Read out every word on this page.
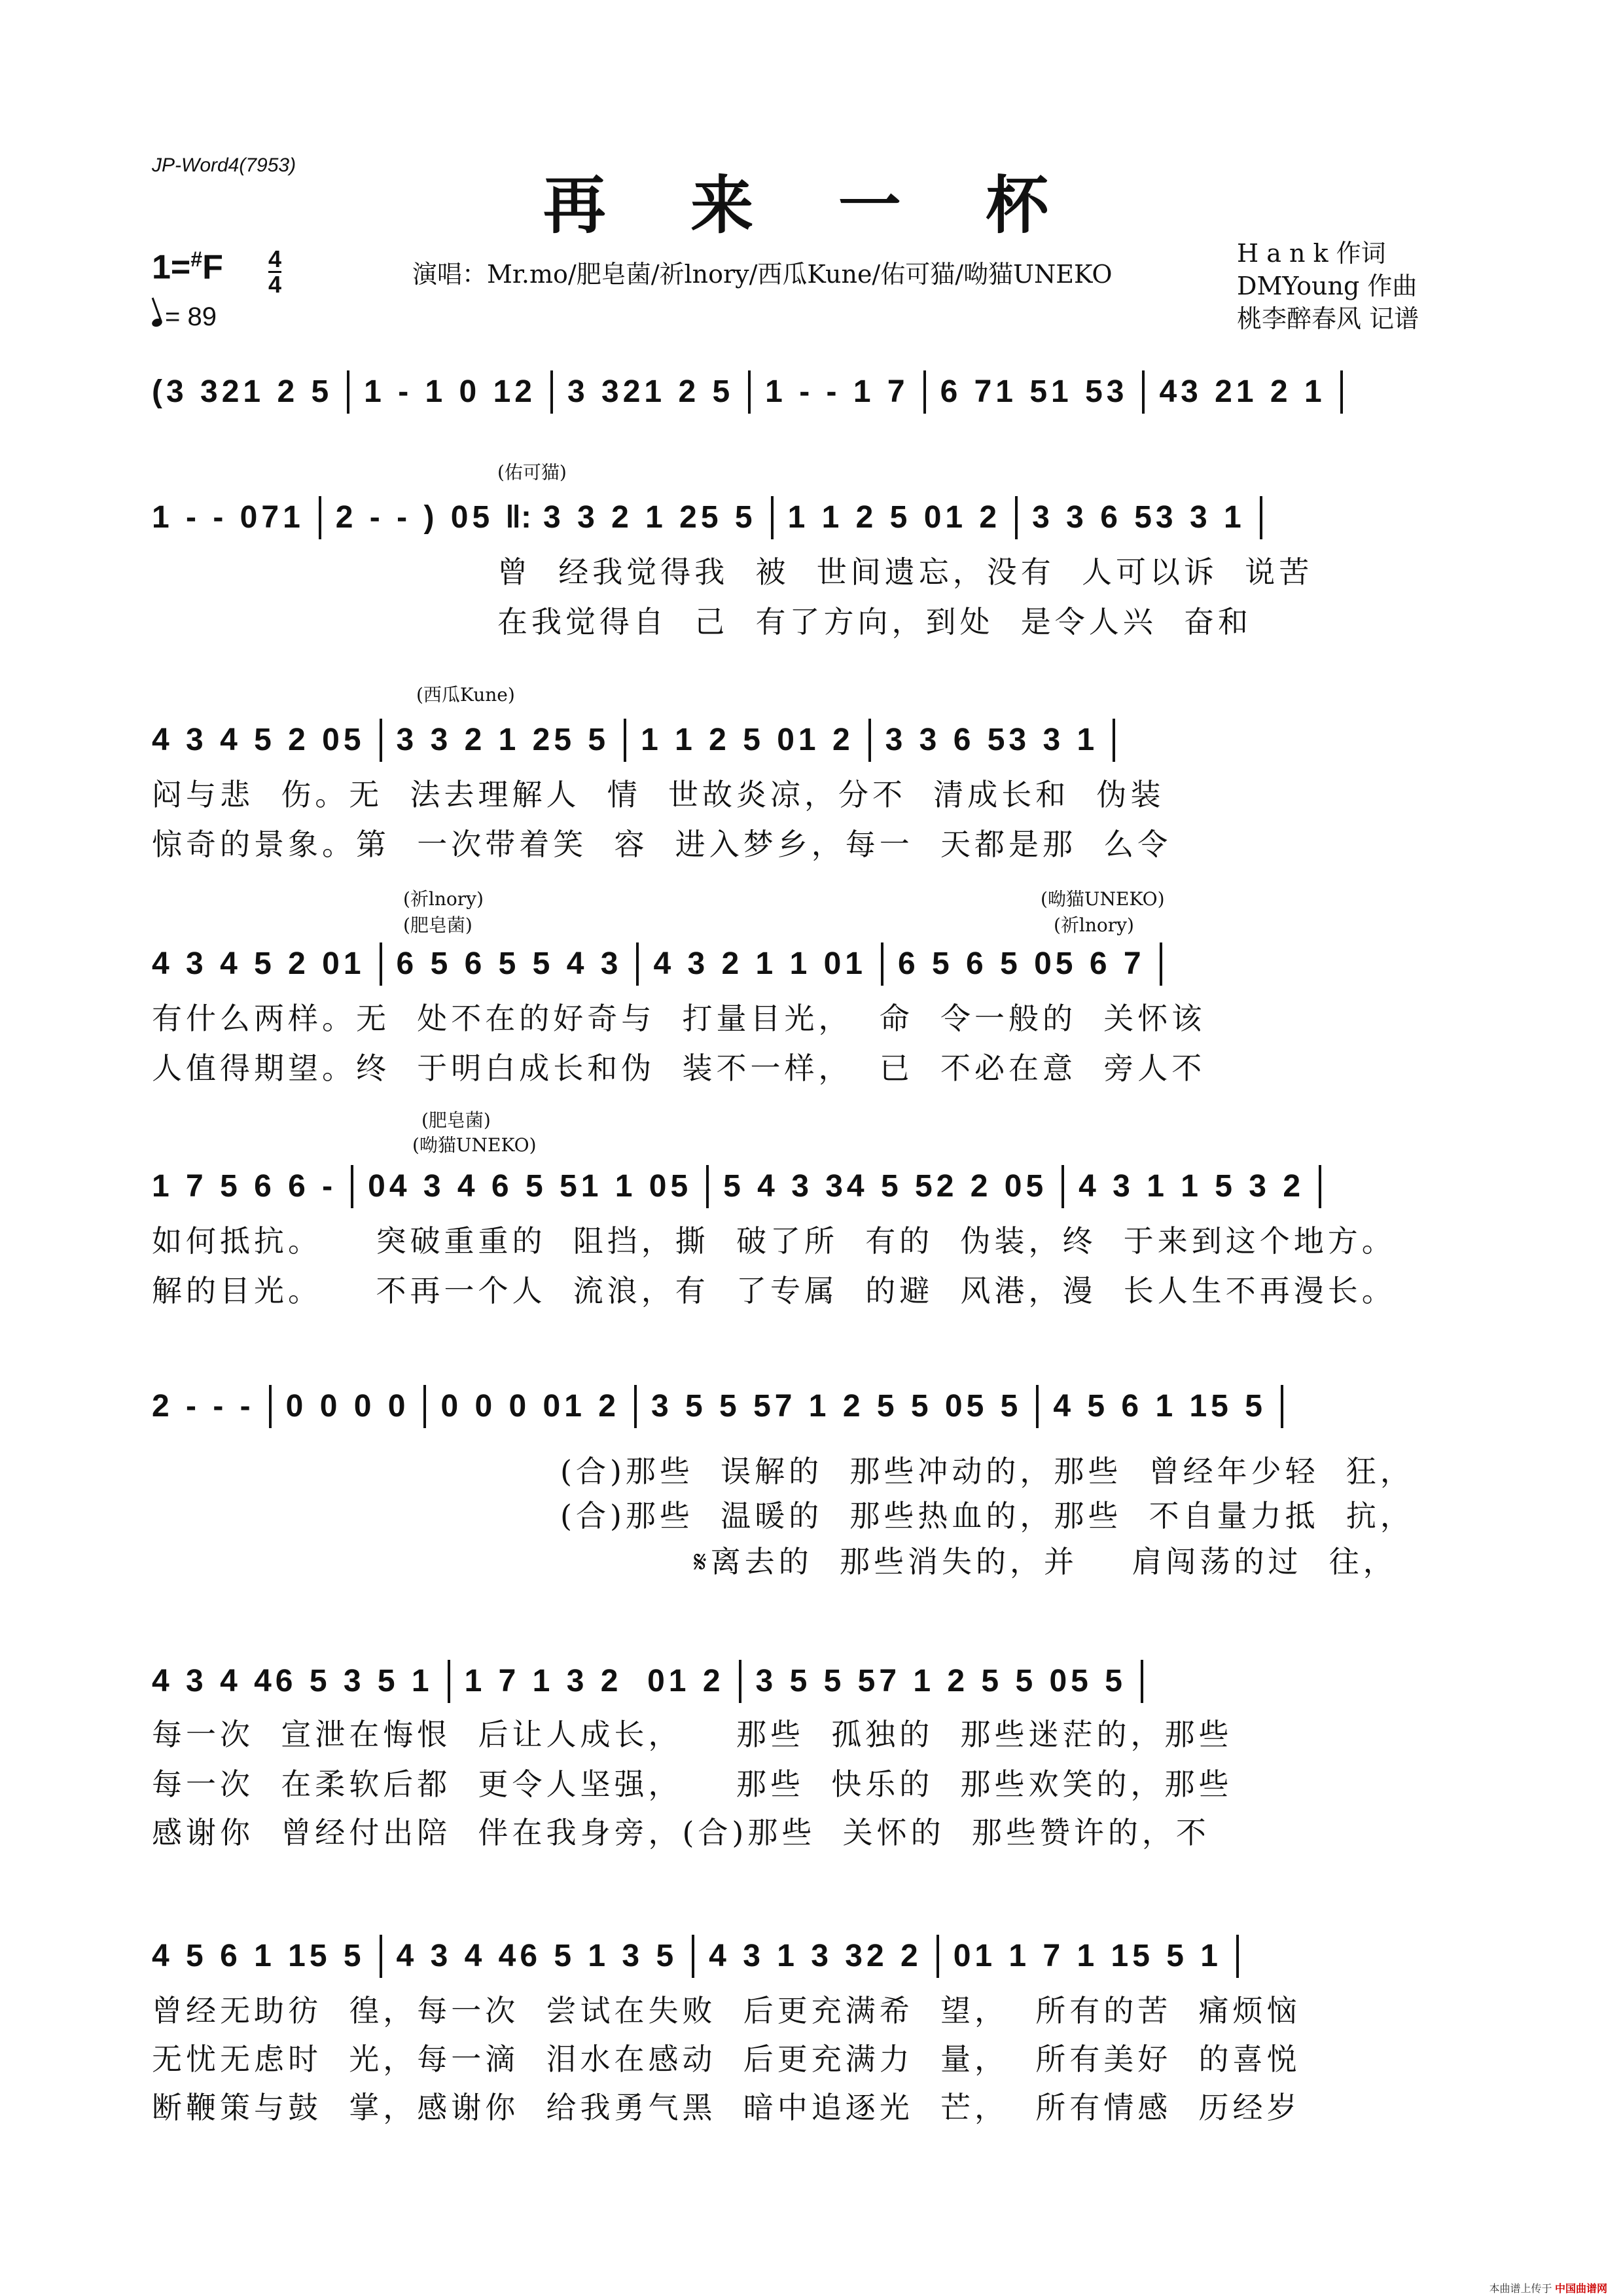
JP-Word4(7953)
再 来 一 杯
1=#F 4
4
= 89
演唱：Mr.mo/肥皂菌/祈lnory/西瓜Kune/佑可猫/呦猫UNEKO
H a n k 作词
DMYoung 作曲
桃李醉春风 记谱
(3 321 2 5 1 - 1 0 12 3 321 2 5 1 - - 1 7 6 71 51 53 43 21 2 1
(佑可猫)
1 - - 071 2 - - ) 05 ‖: 3 3 2 1 25 5 1 1 2 5 01 2 3 3 6 53 3 1
曾  经我觉得我  被  世间遗忘，没有  人可以诉  说苦
在我觉得自  己  有了方向，到处  是令人兴  奋和
(西瓜Kune)
4 3 4 5 2 05 3 3 2 1 25 5 1 1 2 5 01 2 3 3 6 53 3 1
闷与悲  伤。无  法去理解人  情  世故炎凉，分不  清成长和  伪装
惊奇的景象。第  一次带着笑  容  进入梦乡，每一  天都是那  么令
(祈lnory)
(肥皂菌)
(呦猫UNEKO)
(祈lnory)
4 3 4 5 2 01 6 5 6 5 5 4 3 4 3 2 1 1 01 6 5 6 5 05 6 7
有什么两样。无  处不在的好奇与  打量目光，  命  令一般的  关怀该
人值得期望。终  于明白成长和伪  装不一样，  已  不必在意  旁人不
(肥皂菌)
(呦猫UNEKO)
1 7 5 6 6 - 04 3 4 6 5 51 1 05 5 4 3 34 5 52 2 05 4 3 1 1 5 3 2
如何抵抗。    突破重重的  阻挡，撕  破了所  有的  伪装，终  于来到这个地方。
解的目光。    不再一个人  流浪，有  了专属  的避  风港，漫  长人生不再漫长。
2 - - - 0 0 0 0 0 0 0 01 2 3 5 5 57 1 2 5 5 05 5 4 5 6 1 15 5
(合)那些  误解的  那些冲动的，那些  曾经年少轻  狂，
(合)那些  温暖的  那些热血的，那些  不自量力抵  抗，
𝄋离去的  那些消失的，并    肩闯荡的过  往，
4 3 4 46 5 3 5 1 1 7 1 3 2  01 2 3 5 5 57 1 2 5 5 05 5
每一次  宣泄在悔恨  后让人成长，    那些  孤独的  那些迷茫的，那些
每一次  在柔软后都  更令人坚强，    那些  快乐的  那些欢笑的，那些
感谢你  曾经付出陪  伴在我身旁，(合)那些  关怀的  那些赞许的，不
4 5 6 1 15 5 4 3 4 46 5 1 3 5 4 3 1 3 32 2 01 1 7 1 15 5 1
曾经无助彷  徨，每一次  尝试在失败  后更充满希  望，  所有的苦  痛烦恼
无忧无虑时  光，每一滴  泪水在感动  后更充满力  量，  所有美好  的喜悦
断鞭策与鼓  掌，感谢你  给我勇气黑  暗中追逐光  芒，  所有情感  历经岁
本曲谱上传于 中国曲谱网
